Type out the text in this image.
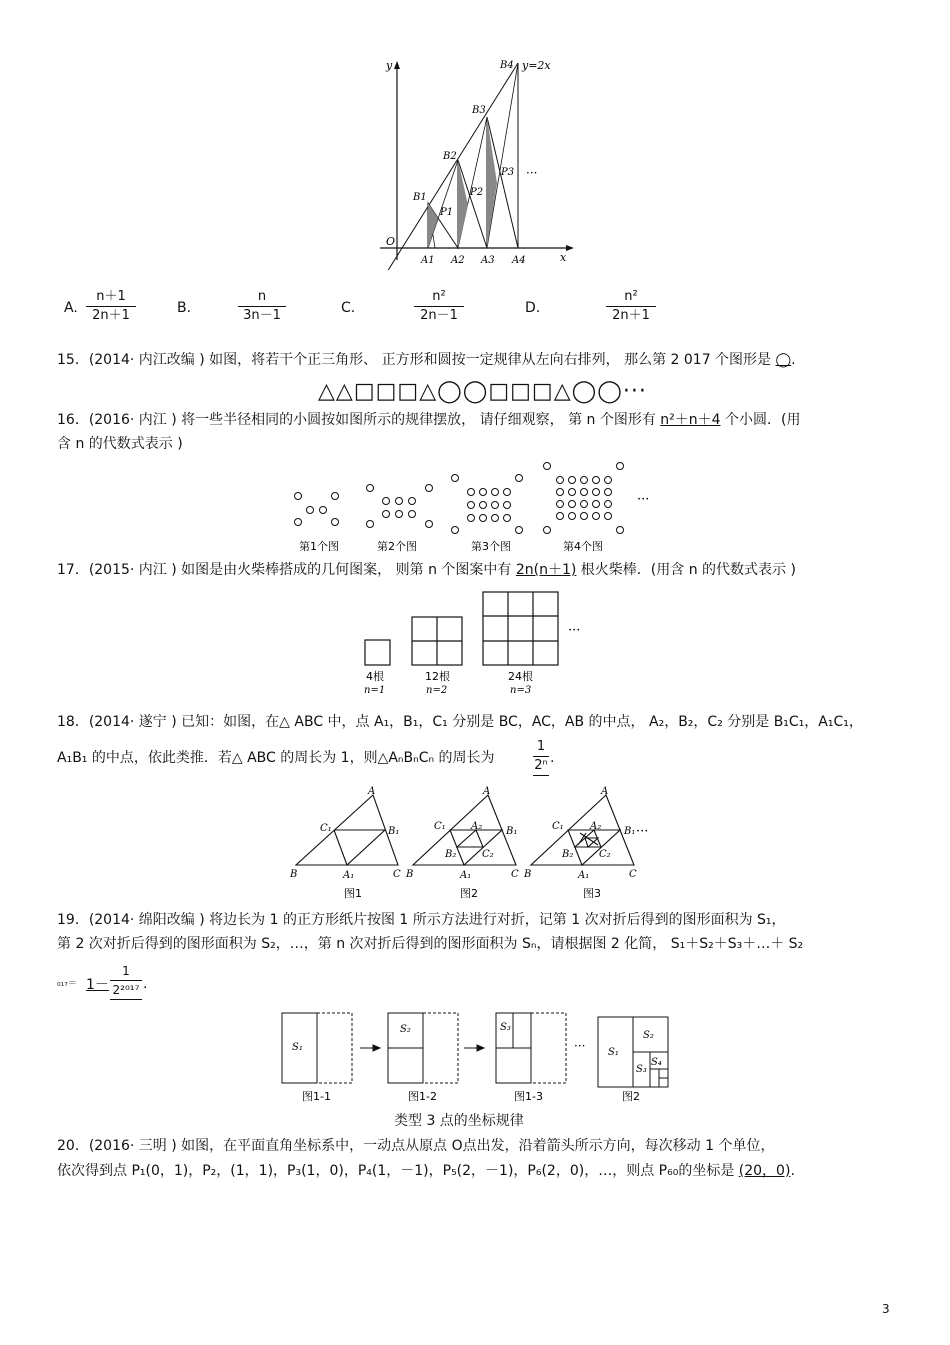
y
x
O
y=2x
···
B1
B2
B3
B4
P1
P2
P3
A1 A2 A3 A4
A. $\frac{n+1}{2n+1}$	B.	$\frac{n}{3n-1}$	C.	$\frac{\text{n²}}{2n-1}$	D.	$\frac{\text{n²}}{2n+1}$
15．(2014· 内江改编 ) 如图，将若干个正三角形、 正方形和圆按一定规律从左向右排列， 那么第 2 017 个图形是 ◯.
△△□□□△◯◯□□□△◯◯···
16．(2016· 内江 ) 将一些半径相同的小圆按如图所示的规律摆放， 请仔细观察， 第 n 个图形有 n²＋n＋4 个小圆．(用
含 n 的代数式表示 )
···
第1个图	第2个图	第3个图	第4个图
17．(2015· 内江 ) 如图是由火柴棒搭成的几何图案， 则第 n 个图案中有 2n(n＋1) 根火柴棒．(用含 n 的代数式表示 )
···
4根	12根	24根
n=1	n=2	n=3
18．(2014· 遂宁 ) 已知：如图，在△ ABC 中，点 A₁，B₁，C₁ 分别是 BC，AC，AB 的中点， A₂，B₂，C₂ 分别是 B₁C₁，A₁C₁，
A₁B₁ 的中点，依此类推．若△ ABC 的周长为 1，则△AₙBₙCₙ 的周长为	$\frac{1}{\text{2ⁿ}}$ .
A
B	C
C₁	B₁
A₁
A
B	C
C₁	B₁
A₁
A₂
B₂	C₂
A
B	C
C₁	B₁
A₁
A₂
B₂	C₂
···
图1	图2	图3
19．(2014· 绵阳改编 ) 将边长为 1 的正方形纸片按图 1 所示方法进行对折，记第 1 次对折后得到的图形面积为 S₁，
第 2 次对折后得到的图形面积为 S₂，…，第 n 次对折后得到的图形面积为 Sₙ，请根据图 2 化简， S₁＋S₂＋S₃＋…＋ S₂
$_{017}= 1- \frac{1}{\text{2²⁰¹⁷}}$ .
S₁
S₂	S₃
S₁
S₂
S₃
S₄
···
图1-1	图1-2	图1-3	图2
类型 3 点的坐标规律
20．(2016· 三明 ) 如图，在平面直角坐标系中，一动点从原点 O点出发，沿着箭头所示方向，每次移动 1 个单位，
依次得到点 P₁(0，1)，P₂，(1，1)，P₃(1，0)，P₄(1，－1)，P₅(2，－1)，P₆(2，0)，…，则点 P₆₀的坐标是 (20，0).
3
